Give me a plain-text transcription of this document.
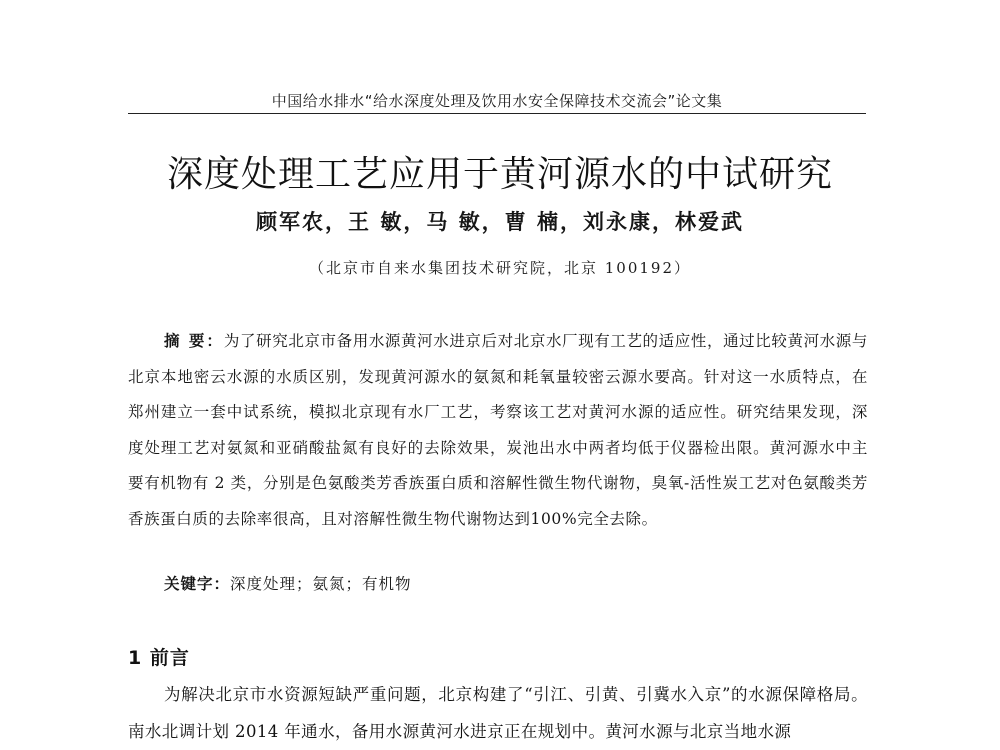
中国给水排水“给水深度处理及饮用水安全保障技术交流会”论文集
深度处理工艺应用于黄河源水的中试研究
顾军农，王 敏，马 敏，曹 楠，刘永康，林爱武
（北京市自来水集团技术研究院，北京 100192）
摘 要：为了研究北京市备用水源黄河水进京后对北京水厂现有工艺的适应性，通过比较黄河水源与北京本地密云水源的水质区别，发现黄河源水的氨氮和耗氧量较密云源水要高。针对这一水质特点，在郑州建立一套中试系统，模拟北京现有水厂工艺，考察该工艺对黄河水源的适应性。研究结果发现，深度处理工艺对氨氮和亚硝酸盐氮有良好的去除效果，炭池出水中两者均低于仪器检出限。黄河源水中主要有机物有 2 类，分别是色氨酸类芳香族蛋白质和溶解性微生物代谢物，臭氧-活性炭工艺对色氨酸类芳香族蛋白质的去除率很高，且对溶解性微生物代谢物达到100%完全去除。
关键字：深度处理；氨氮；有机物
1 前言
为解决北京市水资源短缺严重问题，北京构建了“引江、引黄、引冀水入京”的水源保障格局。南水北调计划 2014 年通水，备用水源黄河水进京正在规划中。黄河水源与北京当地水源
